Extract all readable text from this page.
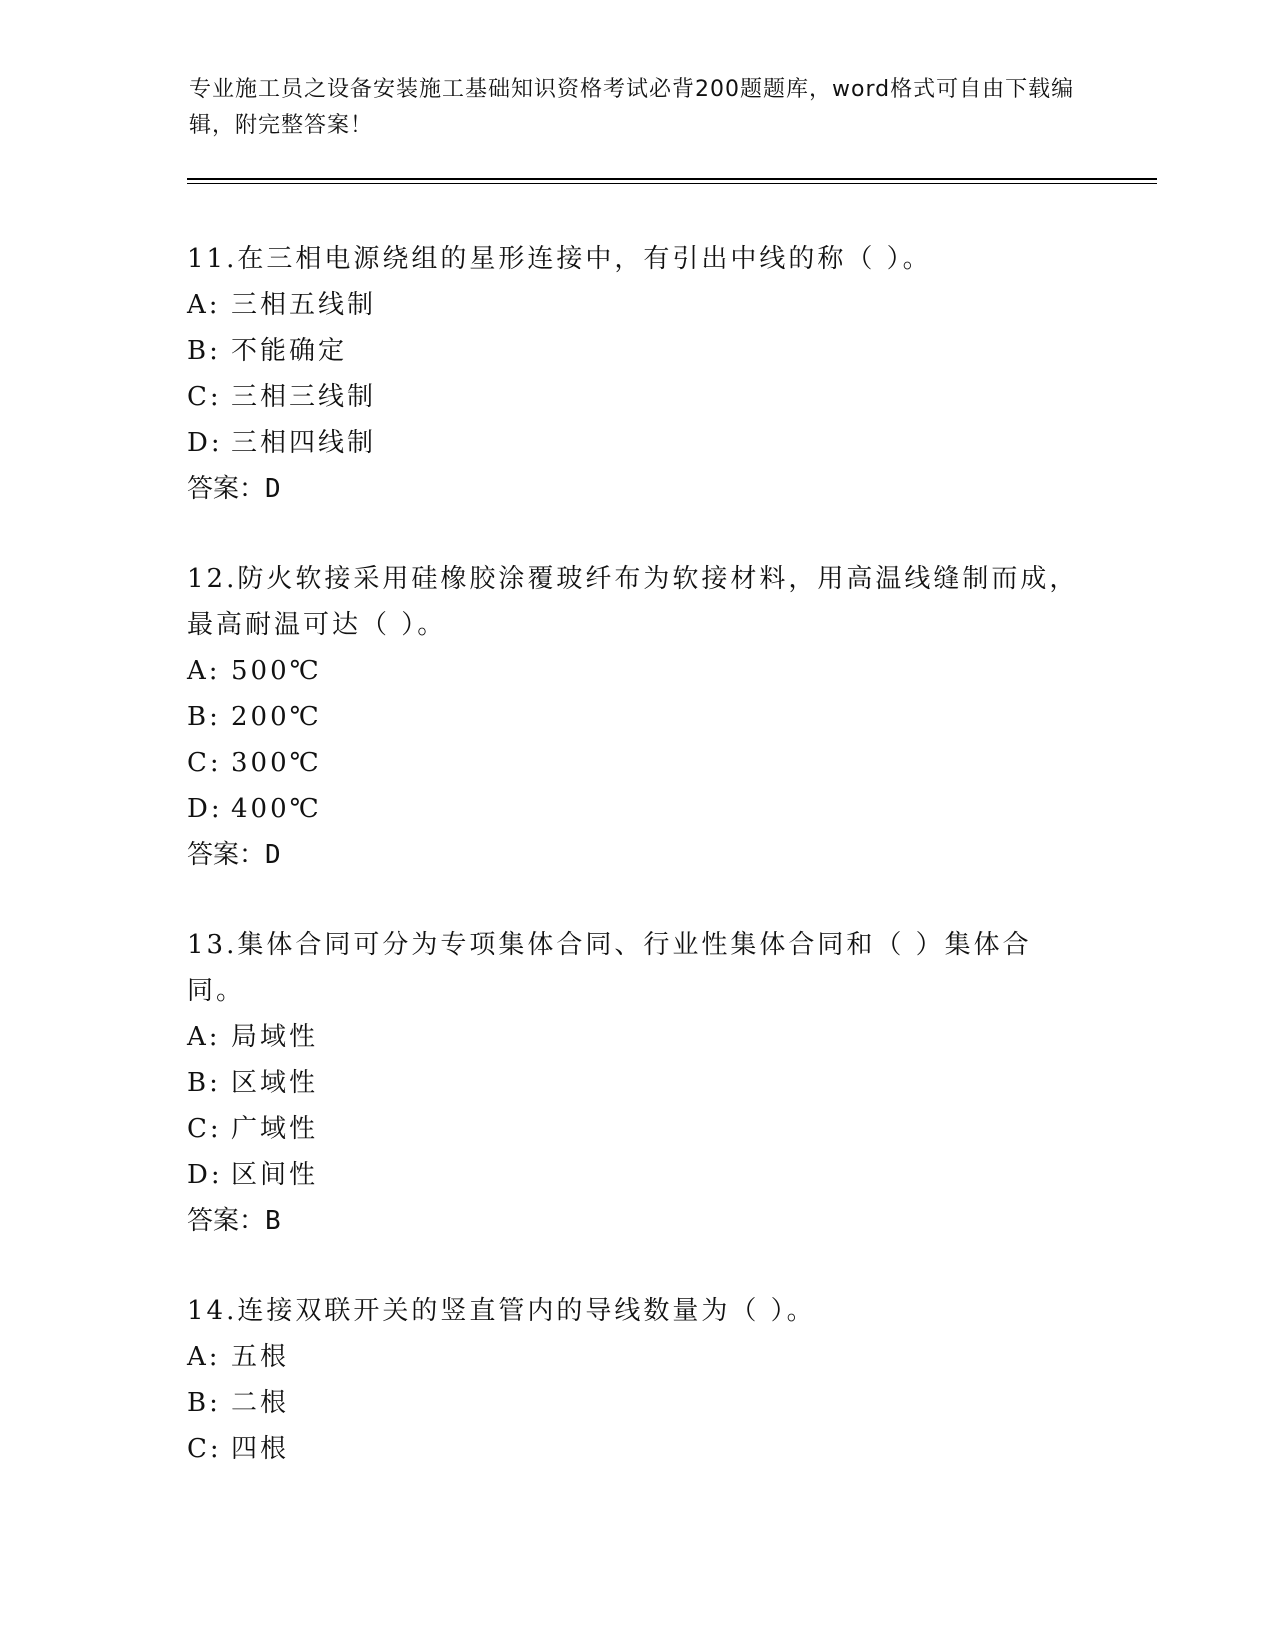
专业施工员之设备安装施工基础知识资格考试必背200题题库，word格式可自由下载编辑，附完整答案！
11.在三相电源绕组的星形连接中，有引出中线的称（ ）。
A: 三相五线制
B: 不能确定
C: 三相三线制
D: 三相四线制
答案：D
12.防火软接采用硅橡胶涂覆玻纤布为软接材料，用高温线缝制而成，最高耐温可达（ ）。
A: 500℃
B: 200℃
C: 300℃
D: 400℃
答案：D
13.集体合同可分为专项集体合同、行业性集体合同和（ ）集体合同。
A: 局域性
B: 区域性
C: 广域性
D: 区间性
答案：B
14.连接双联开关的竖直管内的导线数量为（ ）。
A: 五根
B: 二根
C: 四根
